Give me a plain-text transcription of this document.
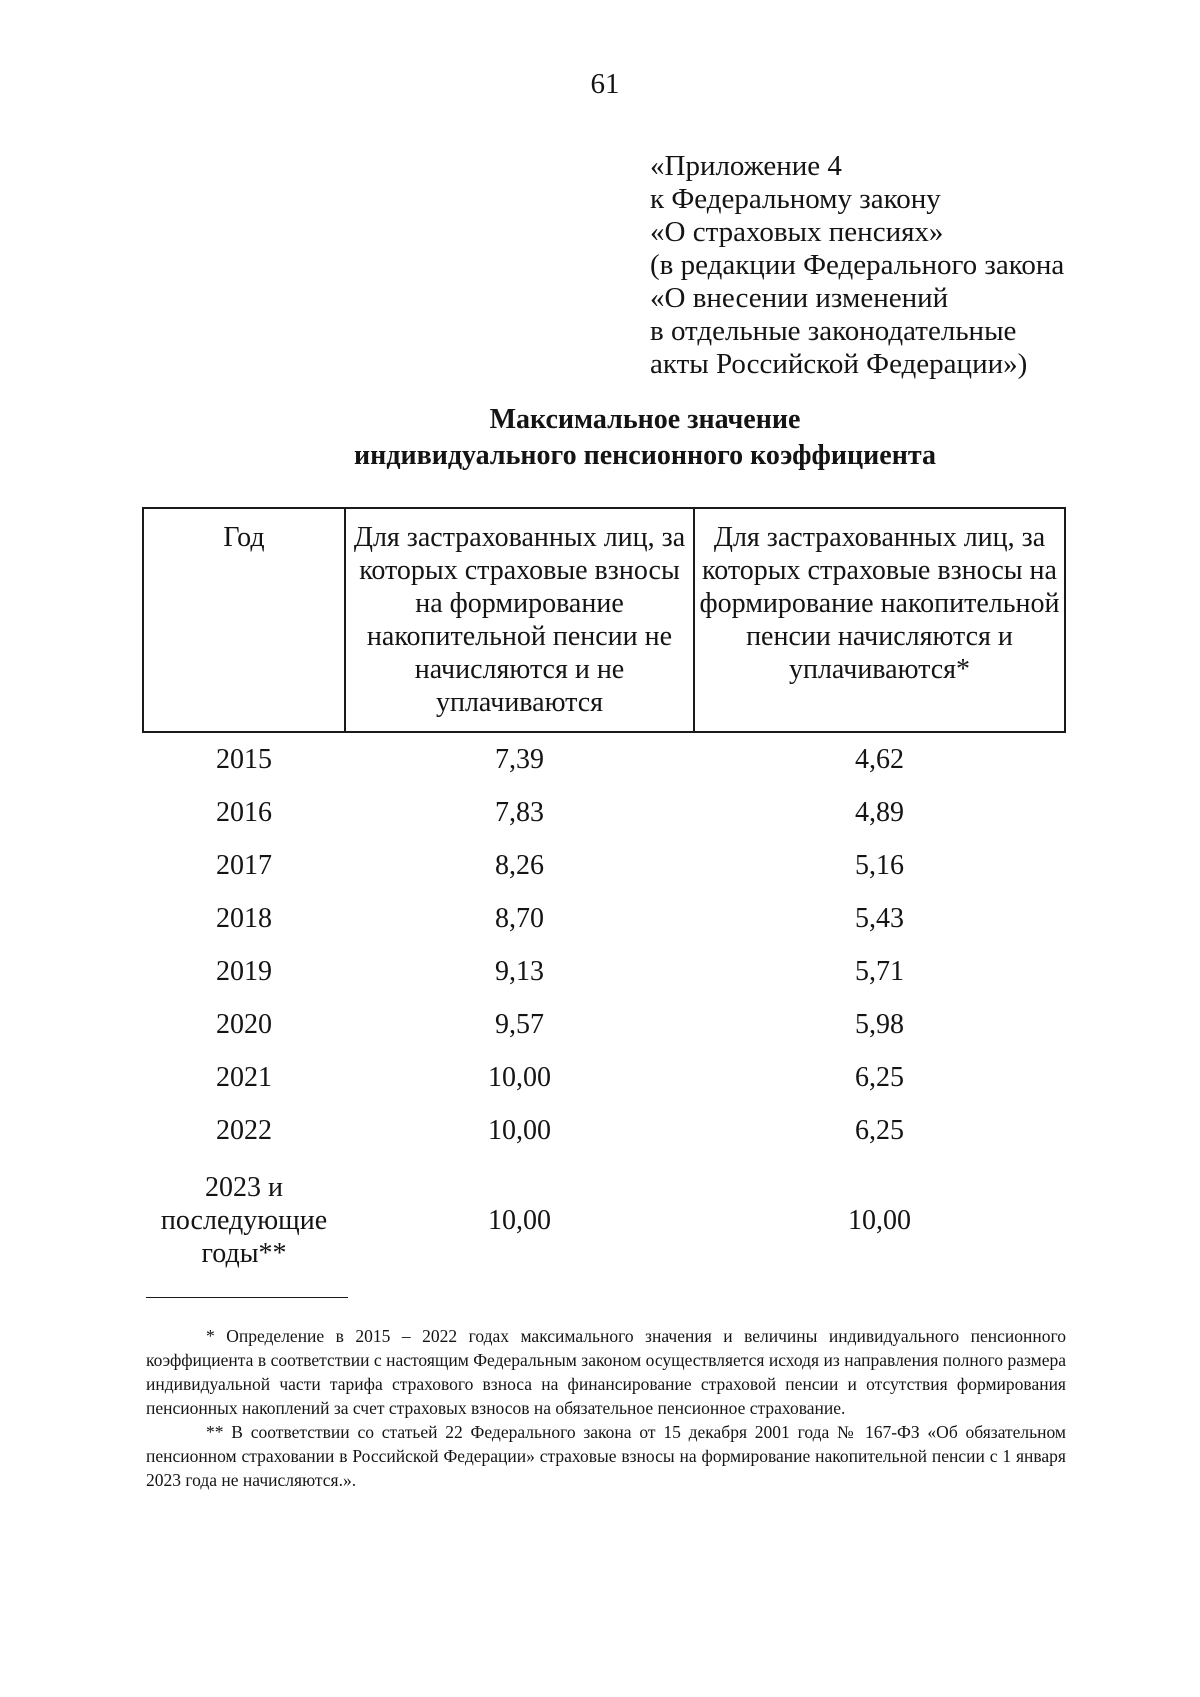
61
«Приложение 4
к Федеральному закону
«О страховых пенсиях»
(в редакции Федерального закона
«О внесении изменений
в отдельные законодательные
акты Российской Федерации»)
Максимальное значение
индивидуального пенсионного коэффициента
Год	Для застрахованных лиц, за которых страховые взносы на формирование накопительной пенсии не начисляются и не уплачиваются	Для застрахованных лиц, за которых страховые взносы на формирование накопительной пенсии начисляются и уплачиваются*
2015	7,39	4,62
2016	7,83	4,89
2017	8,26	5,16
2018	8,70	5,43
2019	9,13	5,71
2020	9,57	5,98
2021	10,00	6,25
2022	10,00	6,25
2023 и последующие годы**	10,00	10,00

* Определение в 2015 – 2022 годах максимального значения и величины индивидуального пенсионного коэффициента в соответствии с настоящим Федеральным законом осуществляется исходя из направления полного размера индивидуальной части тарифа страхового взноса на финансирование страховой пенсии и отсутствия формирования пенсионных накоплений за счет страховых взносов на обязательное пенсионное страхование.

** В соответствии со статьей 22 Федерального закона от 15 декабря 2001 года № 167-ФЗ «Об обязательном пенсионном страховании в Российской Федерации» страховые взносы на формирование накопительной пенсии с 1 января 2023 года не начисляются.».
